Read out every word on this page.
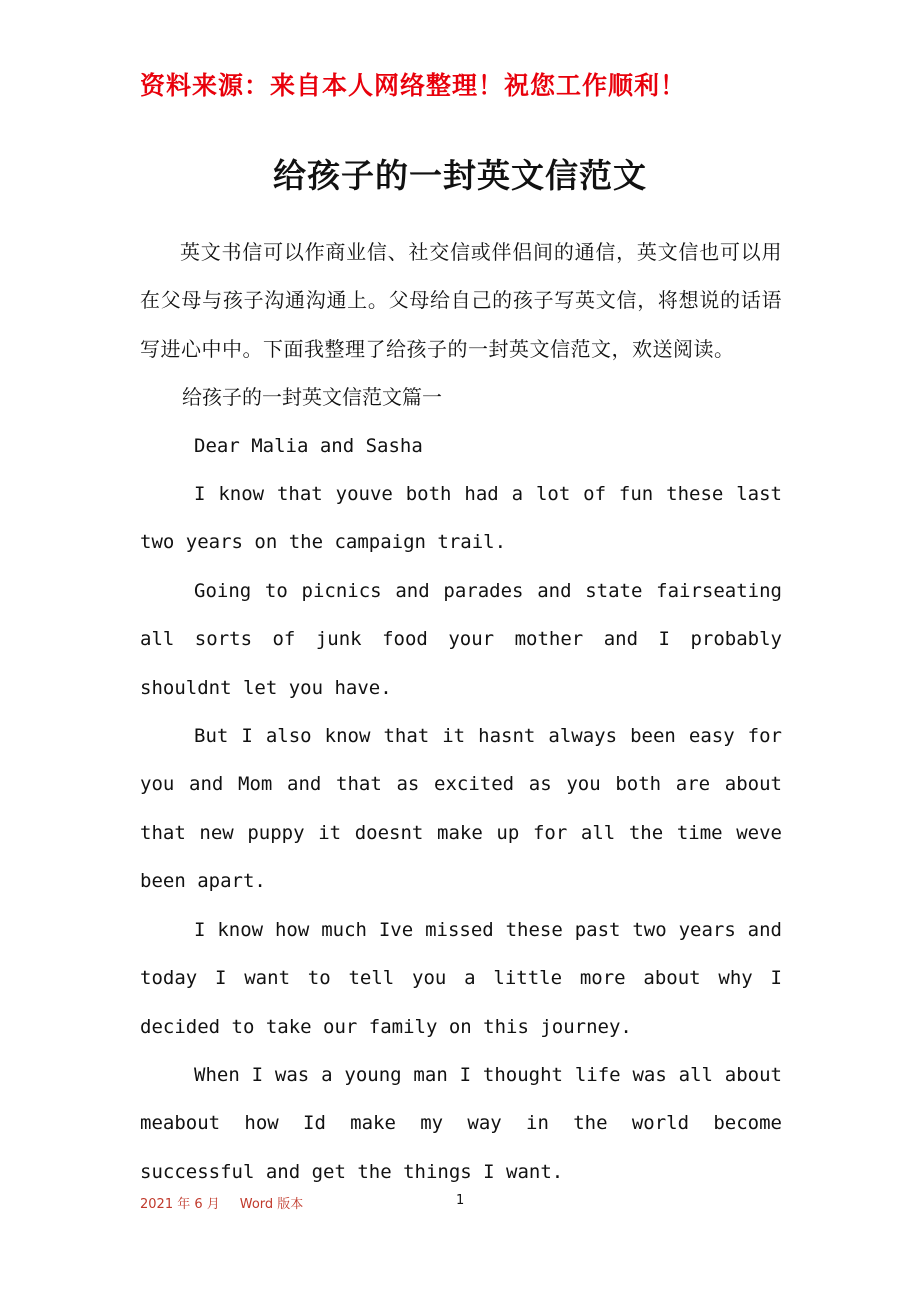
资料来源：来自本人网络整理！祝您工作顺利！
给孩子的一封英文信范文

英文书信可以作商业信、社交信或伴侣间的通信，英文信也可以用在父母与孩子沟通沟通上。父母给自己的孩子写英文信，将想说的话语写进心中中。下面我整理了给孩子的一封英文信范文，欢送阅读。

给孩子的一封英文信范文篇一

Dear Malia and Sasha

I know that youve both had a lot of fun these last two years on the campaign trail.

Going to picnics and parades and state fairseating all sorts of junk food your mother and I probably shouldnt let you have.

But I also know that it hasnt always been easy for you and Mom and that as excited as you both are about that new puppy it doesnt make up for all the time weve been apart.

I know how much Ive missed these past two years and today I want to tell you a little more about why I decided to take our family on this journey.

When I was a young man I thought life was all about meabout how Id make my way in the world become successful and get the things I want.

2021 年 6 月 Word 版本	1
